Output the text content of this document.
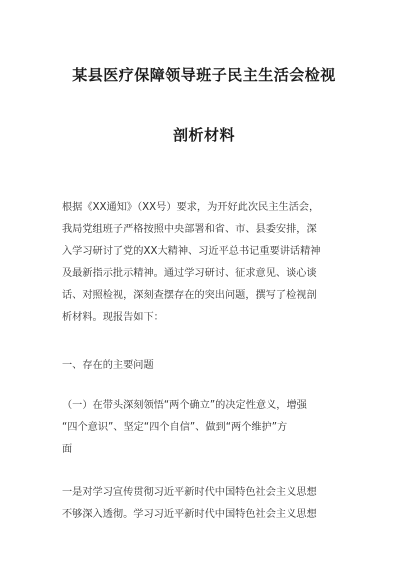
某县医疗保障领导班子民主生活会检视
剖析材料
根据《XX通知》（XX号）要求，为开好此次民主生活会，
我局党组班子严格按照中央部署和省、市、县委安排，深
入学习研讨了党的XX大精神、习近平总书记重要讲话精神
及最新指示批示精神。通过学习研讨、征求意见、谈心谈
话、对照检视，深刻查摆存在的突出问题，撰写了检视剖
析材料。现报告如下：
一、存在的主要问题
（一）在带头深刻领悟“两个确立”的决定性意义，增强
“四个意识”、坚定“四个自信”、做到“两个维护”方
面
一是对学习宣传贯彻习近平新时代中国特色社会主义思想
不够深入透彻。学习习近平新时代中国特色社会主义思想
